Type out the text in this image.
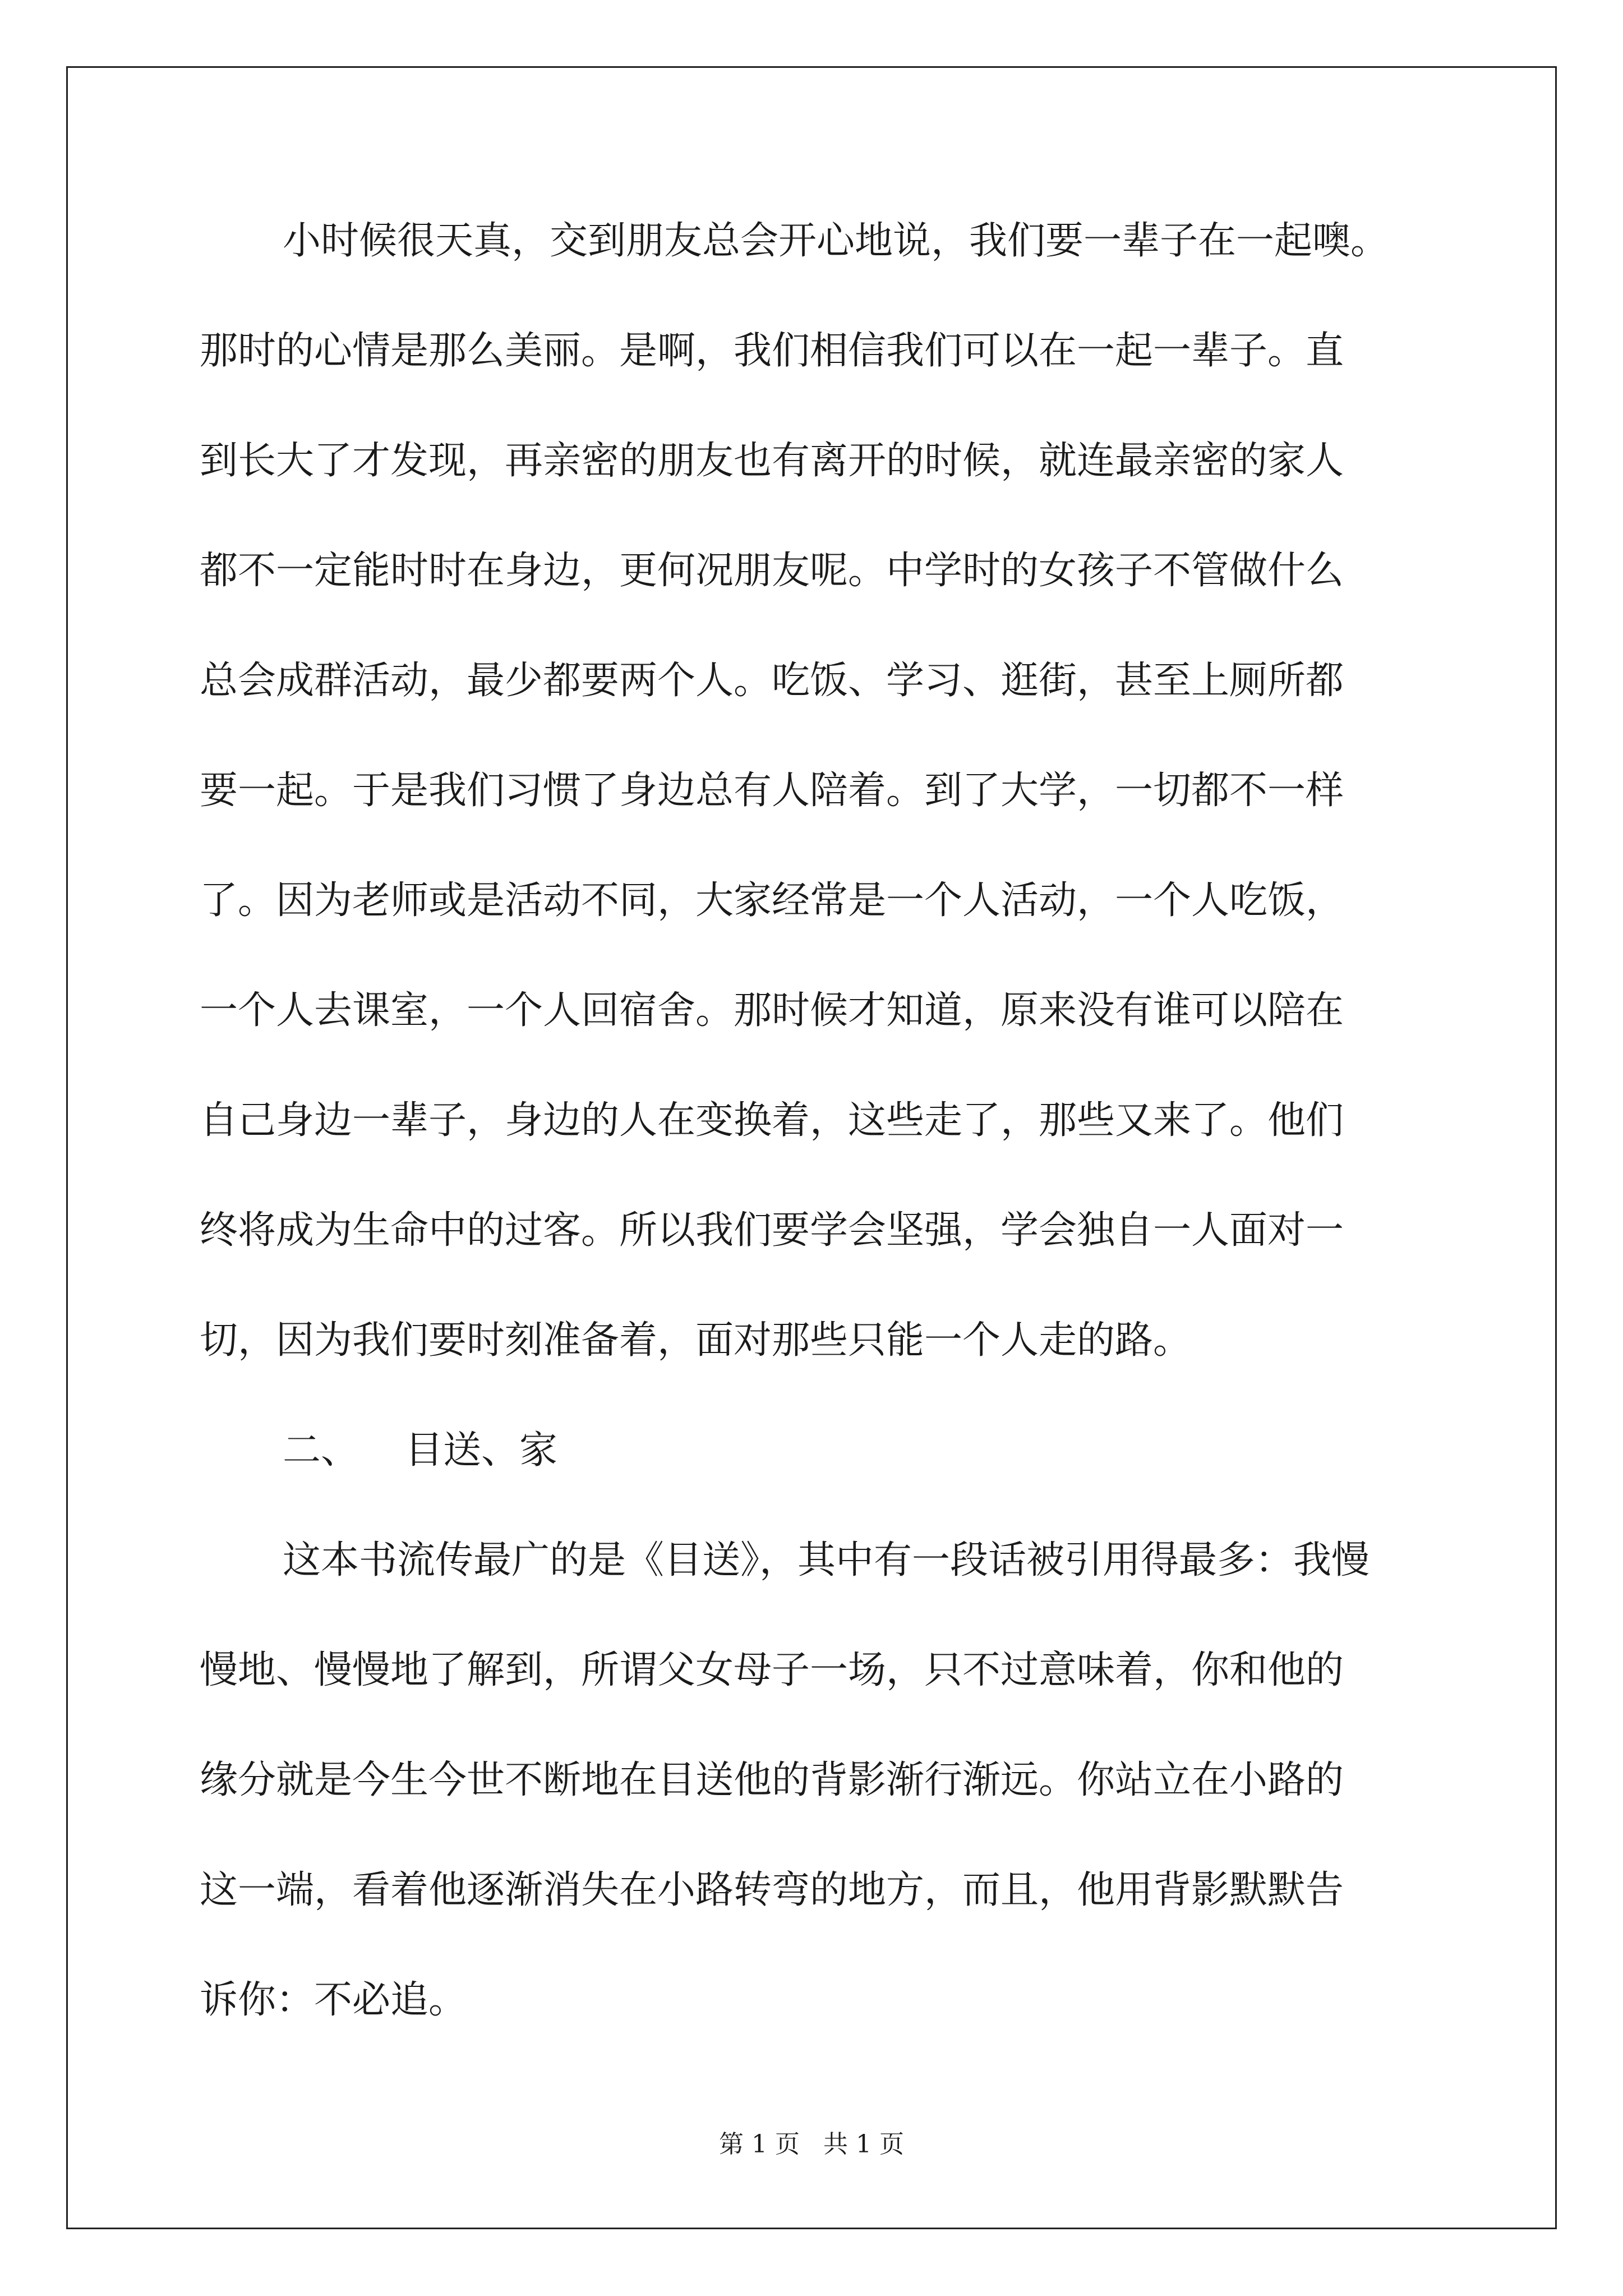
小时候很天真，交到朋友总会开心地说，我们要一辈子在一起噢。
那时的心情是那么美丽。是啊，我们相信我们可以在一起一辈子。直
到长大了才发现，再亲密的朋友也有离开的时候，就连最亲密的家人
都不一定能时时在身边，更何况朋友呢。中学时的女孩子不管做什么
总会成群活动，最少都要两个人。吃饭、学习、逛街，甚至上厕所都
要一起。于是我们习惯了身边总有人陪着。到了大学，一切都不一样
了。因为老师或是活动不同，大家经常是一个人活动，一个人吃饭，
一个人去课室，一个人回宿舍。那时候才知道，原来没有谁可以陪在
自己身边一辈子，身边的人在变换着，这些走了，那些又来了。他们
终将成为生命中的过客。所以我们要学会坚强，学会独自一人面对一
切，因为我们要时刻准备着，面对那些只能一个人走的路。
二、 目送、家
这本书流传最广的是《目送》，其中有一段话被引用得最多：我慢
慢地、慢慢地了解到，所谓父女母子一场，只不过意味着，你和他的
缘分就是今生今世不断地在目送他的背影渐行渐远。你站立在小路的
这一端，看着他逐渐消失在小路转弯的地方，而且，他用背影默默告
诉你：不必追。
第 1 页   共 1 页
